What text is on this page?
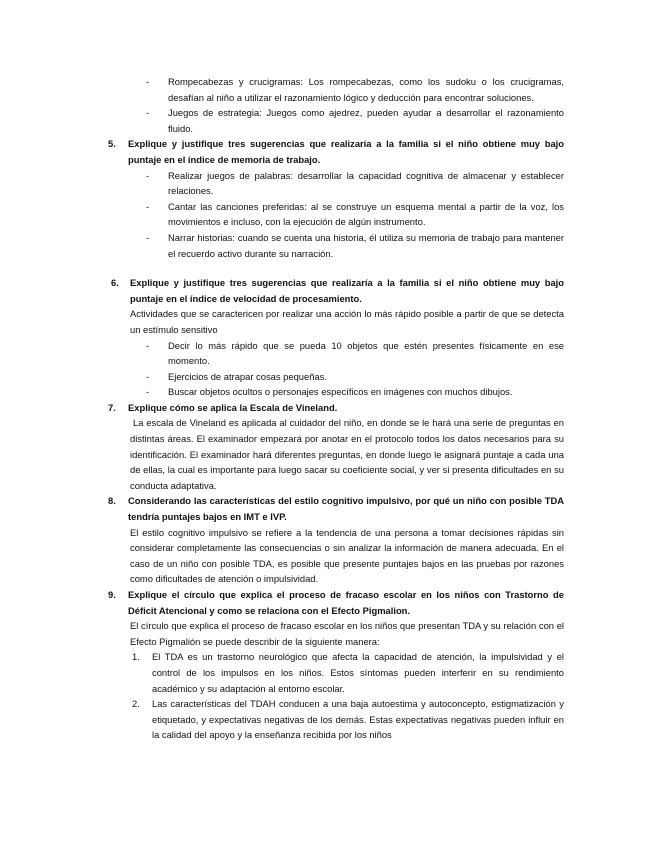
- Rompecabezas y crucigramas: Los rompecabezas, como los sudoku o los crucigramas, desafían al niño a utilizar el razonamiento lógico y deducción para encontrar soluciones.
- Juegos de estrategia: Juegos como ajedrez, pueden ayudar a desarrollar el razonamiento fluido.
5. Explique y justifique tres sugerencias que realizaría a la familia si el niño obtiene muy bajo puntaje en el índice de memoria de trabajo.
- Realizar juegos de palabras: desarrollar la capacidad cognitiva de almacenar y establecer relaciones.
- Cantar las canciones preferidas: al se construye un esquema mental a partir de la voz, los movimientos e incluso, con la ejecución de algún instrumento.
- Narrar historias: cuando se cuenta una historia, él utiliza su memoria de trabajo para mantener el recuerdo activo durante su narración.
6. Explique y justifique tres sugerencias que realizaría a la familia si el niño obtiene muy bajo puntaje en el índice de velocidad de procesamiento.
Actividades que se caractericen por realizar una acción lo más rápido posible a partir de que se detecta un estímulo sensitivo
- Decir lo más rápido que se pueda 10 objetos que estén presentes físicamente en ese momento.
- Ejercicios de atrapar cosas pequeñas.
- Buscar objetos ocultos o personajes específicos en imágenes con muchos dibujos.
7. Explique cómo se aplica la Escala de Vineland.
La escala de Vineland es aplicada al cuidador del niño, en donde se le hará una serie de preguntas en distintas áreas. El examinador empezará por anotar en el protocolo todos los datos necesarios para su identificación. El examinador hará diferentes preguntas, en donde luego le asignará puntaje a cada una de ellas, la cual es importante para luego sacar su coeficiente social, y ver si presenta dificultades en su conducta adaptativa.
8. Considerando las características del estilo cognitivo impulsivo, por qué un niño con posible TDA tendría puntajes bajos en IMT e IVP.
El estilo cognitivo impulsivo se refiere a la tendencia de una persona a tomar decisiones rápidas sin considerar completamente las consecuencias o sin analizar la información de manera adecuada. En el caso de un niño con posible TDA, es posible que presente puntajes bajos en las pruebas por razones como dificultades de atención o impulsividad.
9. Explique el círculo que explica el proceso de fracaso escolar en los niños con Trastorno de Déficit Atencional y como se relaciona con el Efecto Pigmalion.
El círculo que explica el proceso de fracaso escolar en los niños que presentan TDA y su relación con el Efecto Pigmalión se puede describir de la siguiente manera:
1. El TDA es un trastorno neurológico que afecta la capacidad de atención, la impulsividad y el control de los impulsos en los niños. Estos síntomas pueden interferir en su rendimiento académico y su adaptación al entorno escolar.
2. Las características del TDAH conducen a una baja autoestima y autoconcepto, estigmatización y etiquetado, y expectativas negativas de los demás. Estas expectativas negativas pueden influir en la calidad del apoyo y la enseñanza recibida por los niños
